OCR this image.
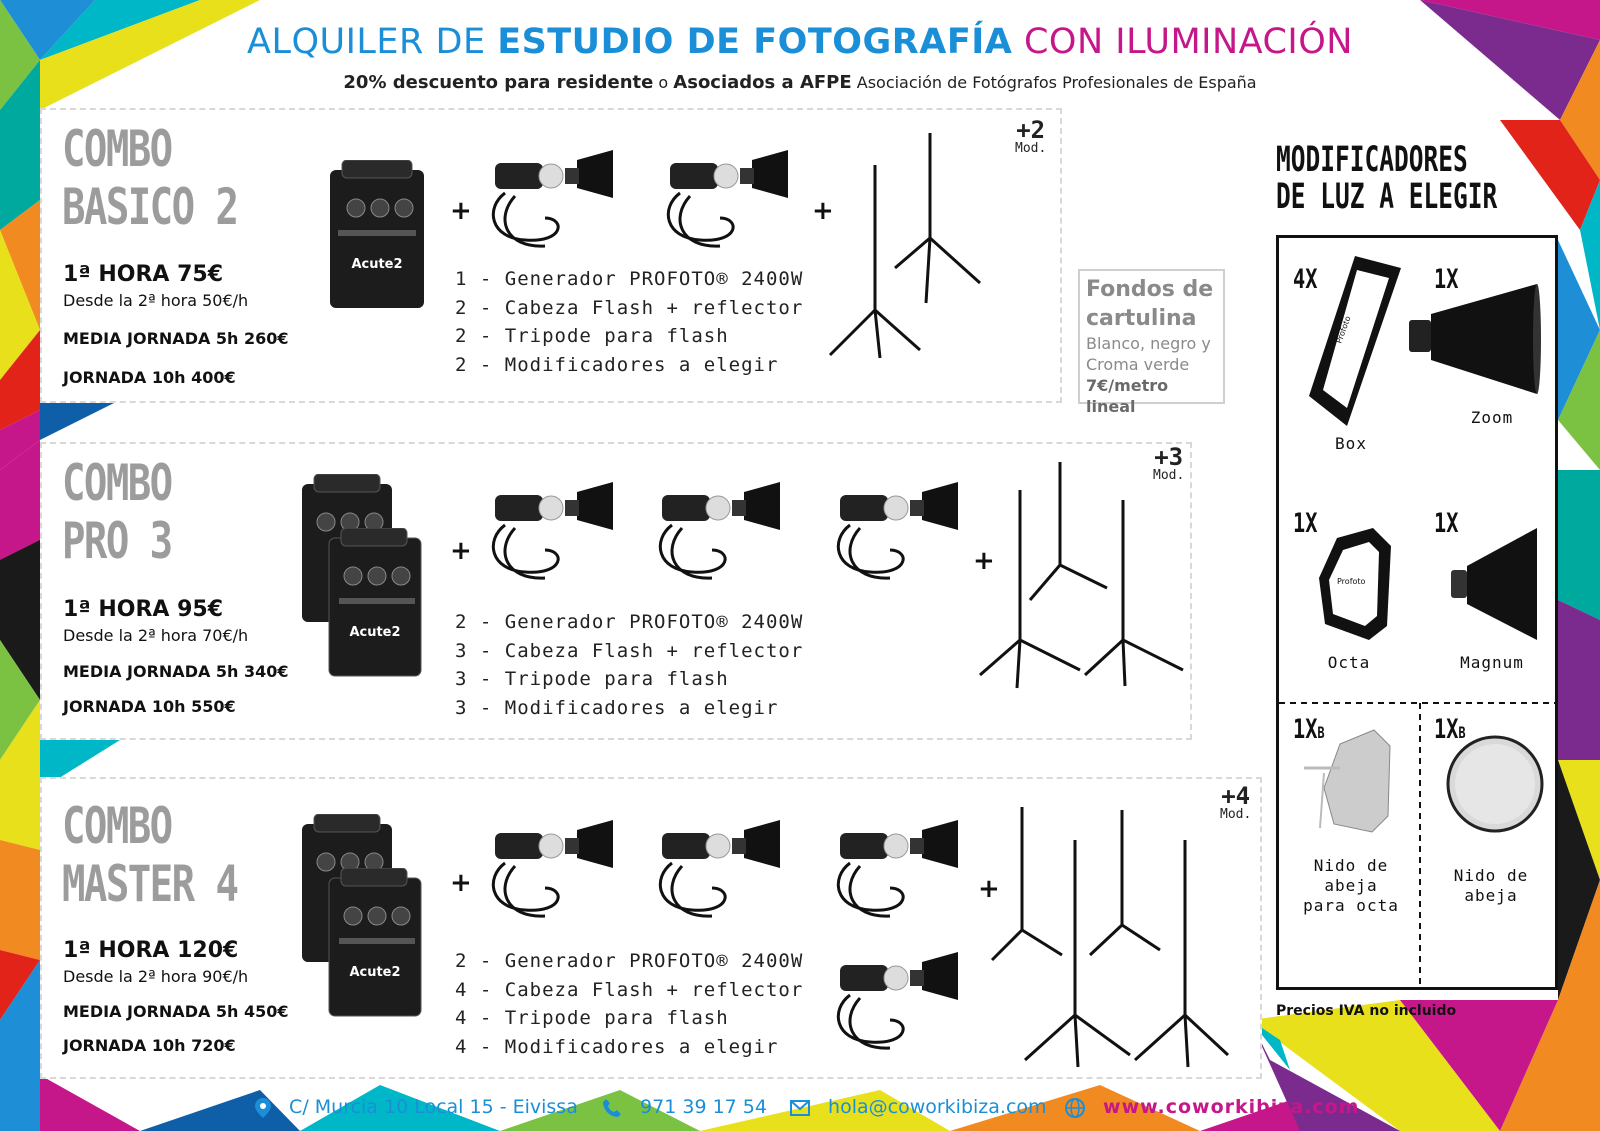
ALQUILER DE ESTUDIO DE FOTOGRAFÍA CON ILUMINACIÓN
20% descuento para residente o Asociados a AFPE Asociación de Fotógrafos Profesionales de España
COMBO
BASICO 2
1ª HORA 75€
Desde la 2ª hora 50€/h
MEDIA JORNADA 5h 260€
JORNADA 10h 400€
Acute2
+	+
1 - Generador PROFOTO® 2400W
2 - Cabeza Flash + reflector
2 - Tripode para flash
2 - Modificadores a elegir
+2
Mod.
Fondos de cartulina
Blanco, negro y Croma verde
7€/metro lineal
COMBO
PRO 3
1ª HORA 95€
Desde la 2ª hora 70€/h
MEDIA JORNADA 5h 340€
JORNADA 10h 550€
Acute2
+	+
2 - Generador PROFOTO® 2400W
3 - Cabeza Flash + reflector
3 - Tripode para flash
3 - Modificadores a elegir
+3
Mod.
COMBO
MASTER 4
1ª HORA 120€
Desde la 2ª hora 90€/h
MEDIA JORNADA 5h 450€
JORNADA 10h 720€
Acute2
+	+
2 - Generador PROFOTO® 2400W
4 - Cabeza Flash + reflector
4 - Tripode para flash
4 - Modificadores a elegir
+4
Mod.
MODIFICADORES
DE LUZ A ELEGIR
4X
Profoto
Box
1X
Zoom
1X
Profoto
Octa
1X
Magnum
1XB
Nido de abeja para octa
1XB
Nido de abeja
Precios IVA no incluido
C/ Murcia 10 Local 15 - Eivissa	971 39 17 54	hola@coworkibiza.com	www.coworkibiza.com
